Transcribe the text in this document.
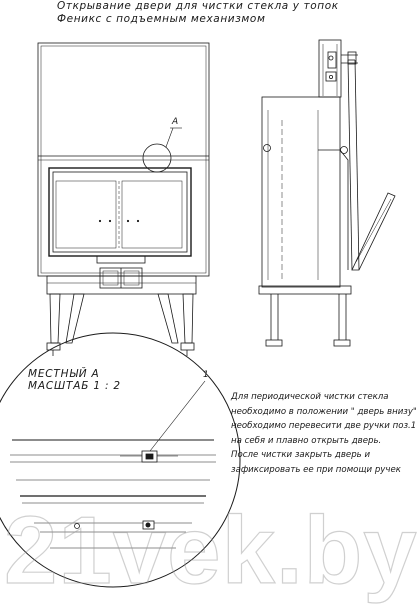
Открывание двери для чистки стекла у топок
Феникс с подъемным механизмом
A
МЕСТНЫЙ А
МАСШТАБ 1 : 2
1
Для периодической чистки стекла
необходимо в положении " дверь внизу"
необходимо перевесити две ручки поз.1
на себя и плавно открыть дверь.
После чистки закрыть дверь и
зафиксировать ее при помощи ручек
21vek.by
